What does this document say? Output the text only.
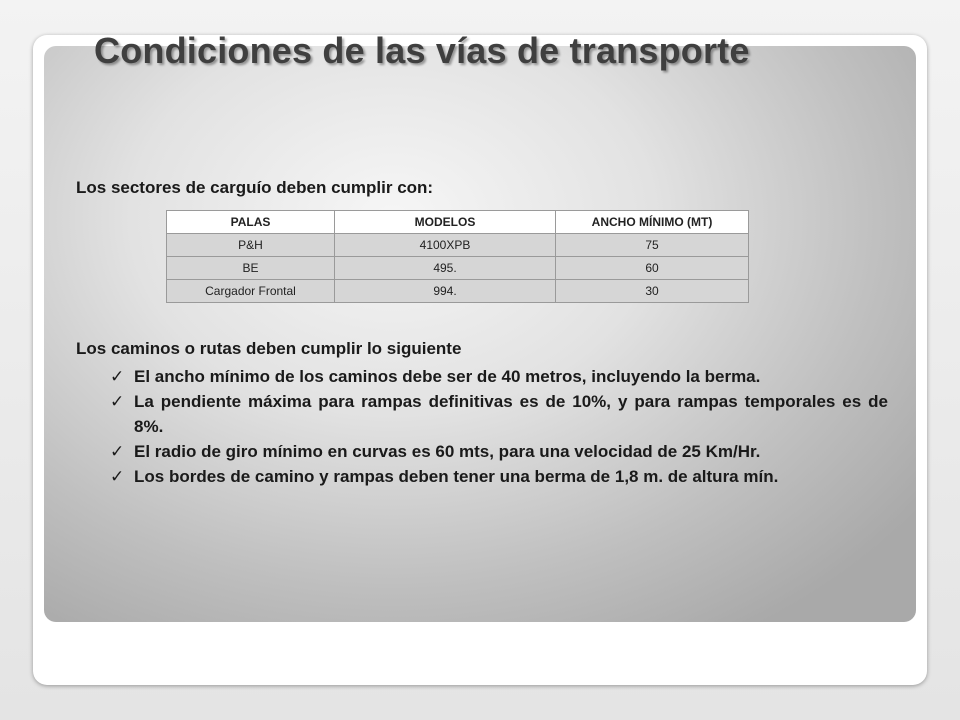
Condiciones de las vías de transporte
Los sectores de carguío deben cumplir con:
PALAS	MODELOS	ANCHO MÍNIMO (MT)
P&H	4100XPB	75
BE	495.	60
Cargador Frontal	994.	30
Los caminos o rutas deben cumplir lo siguiente
✓ El ancho mínimo de los caminos debe ser de 40 metros, incluyendo la berma.
✓ La pendiente máxima para rampas definitivas es de 10%, y para rampas temporales es de 8%.
✓ El radio de giro mínimo en curvas es 60 mts, para una velocidad de 25 Km/Hr.
✓ Los bordes de camino y rampas deben tener una berma de 1,8 m. de altura mín.
